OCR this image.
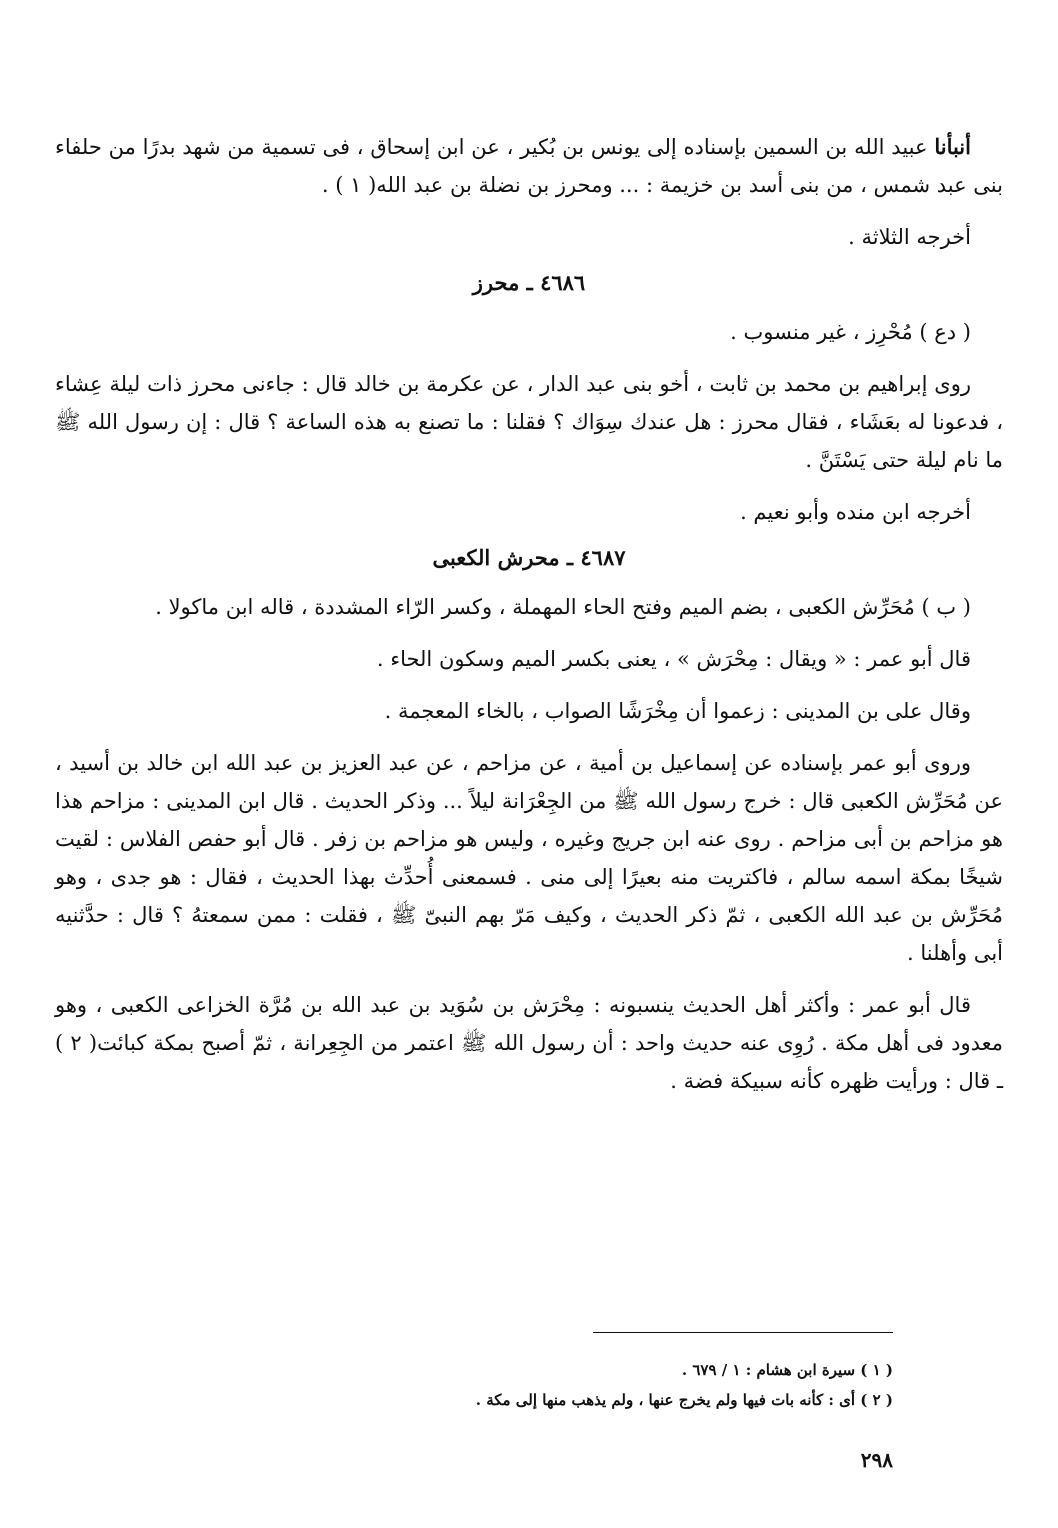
أنبأنا عبيد الله بن السمين بإسناده إلى يونس بن بُكير ، عن ابن إسحاق ، فى تسمية من شهد بدرًا من حلفاء بنى عبد شمس ، من بنى أسد بن خزيمة : ... ومحرز بن نضلة بن عبد الله( ١ ) .

أخرجه الثلاثة .

٤٦٨٦ ـ محرز

( دع ) مُحْرِز ، غير منسوب .

روى إبراهيم بن محمد بن ثابت ، أخو بنى عبد الدار ، عن عكرمة بن خالد قال : جاءنى محرز ذات ليلة عِشاء ، فدعونا له بعَشَاء ، فقال محرز : هل عندك سِوَاك ؟ فقلنا : ما تصنع به هذه الساعة ؟ قال : إن رسول الله ﷺ ما نام ليلة حتى يَسْتَنَّ .

أخرجه ابن منده وأبو نعيم .

٤٦٨٧ ـ محرش الكعبى

( ب ) مُحَرِّش الكعبى ، بضم الميم وفتح الحاء المهملة ، وكسر الرّاء المشددة ، قاله ابن ماكولا .

قال أبو عمر : « ويقال : مِحْرَش » ، يعنى بكسر الميم وسكون الحاء .

وقال على بن المدينى : زعموا أن مِخْرَشًا الصواب ، بالخاء المعجمة .

وروى أبو عمر بإسناده عن إسماعيل بن أمية ، عن مزاحم ، عن عبد العزيز بن عبد الله ابن خالد بن أسيد ، عن مُحَرِّش الكعبى قال : خرج رسول الله ﷺ من الجِعْرَانة ليلاً ... وذكر الحديث . قال ابن المدينى : مزاحم هذا هو مزاحم بن أبى مزاحم . روى عنه ابن جريج وغيره ، وليس هو مزاحم بن زفر . قال أبو حفص الفلاس : لقيت شيخًا بمكة اسمه سالم ، فاكتريت منه بعيرًا إلى منى . فسمعنى أُحدِّث بهذا الحديث ، فقال : هو جدى ، وهو مُحَرِّش بن عبد الله الكعبى ، ثمّ ذكر الحديث ، وكيف مَرّ بهم النبىّ ﷺ ، فقلت : ممن سمعتهُ ؟ قال : حدَّثنيه أبى وأهلنا .

قال أبو عمر : وأكثر أهل الحديث ينسبونه : مِحْرَش بن سُوَيد بن عبد الله بن مُرَّة الخزاعى الكعبى ، وهو معدود فى أهل مكة . رُوِى عنه حديث واحد : أن رسول الله ﷺ اعتمر من الجِعِرانة ، ثمّ أصبح بمكة كبائت( ٢ ) ـ قال : ورأيت ظهره كأنه سبيكة فضة .

( ١ ) سيرة ابن هشام : ١ / ٦٧٩ .

( ٢ ) أى : كأنه بات فيها ولم يخرج عنها ، ولم يذهب منها إلى مكة .

٢٩٨
